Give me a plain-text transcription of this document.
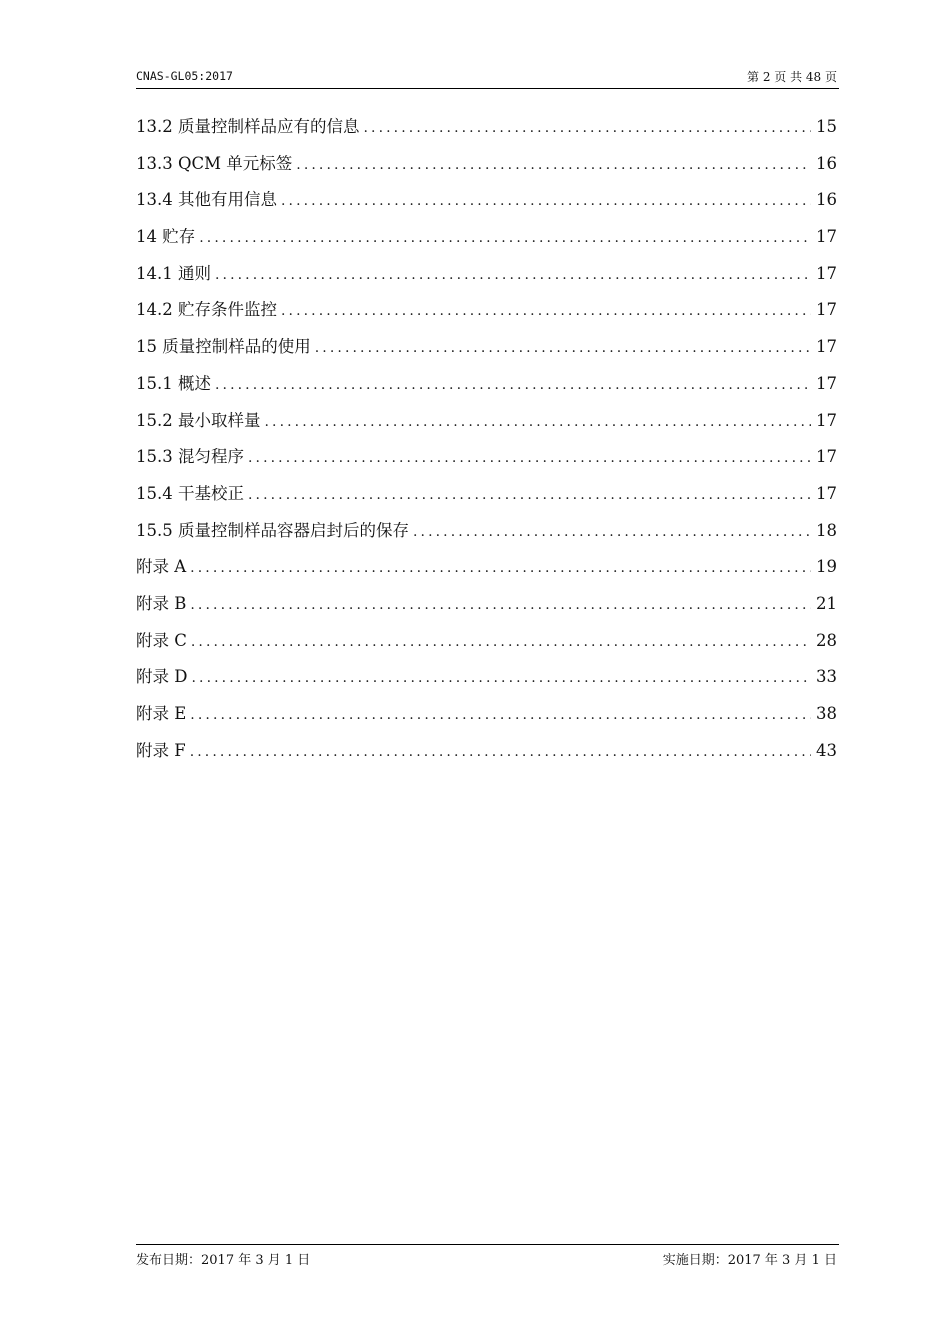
CNAS-GL05:2017	第 2 页 共 48 页
13.2 质量控制样品应有的信息 .....	15
13.3 QCM 单元标签 .....	16
13.4 其他有用信息 .....	16
14 贮存 .....	17
14.1 通则 .....	17
14.2 贮存条件监控 .....	17
15 质量控制样品的使用 .....	17
15.1 概述 .....	17
15.2 最小取样量 .....	17
15.3 混匀程序 .....	17
15.4 干基校正 .....	17
15.5 质量控制样品容器启封后的保存 .....	18
附录 A .....	19
附录 B .....	21
附录 C .....	28
附录 D .....	33
附录 E .....	38
附录 F .....	43
发布日期：2017 年 3 月 1 日	实施日期：2017 年 3 月 1 日
